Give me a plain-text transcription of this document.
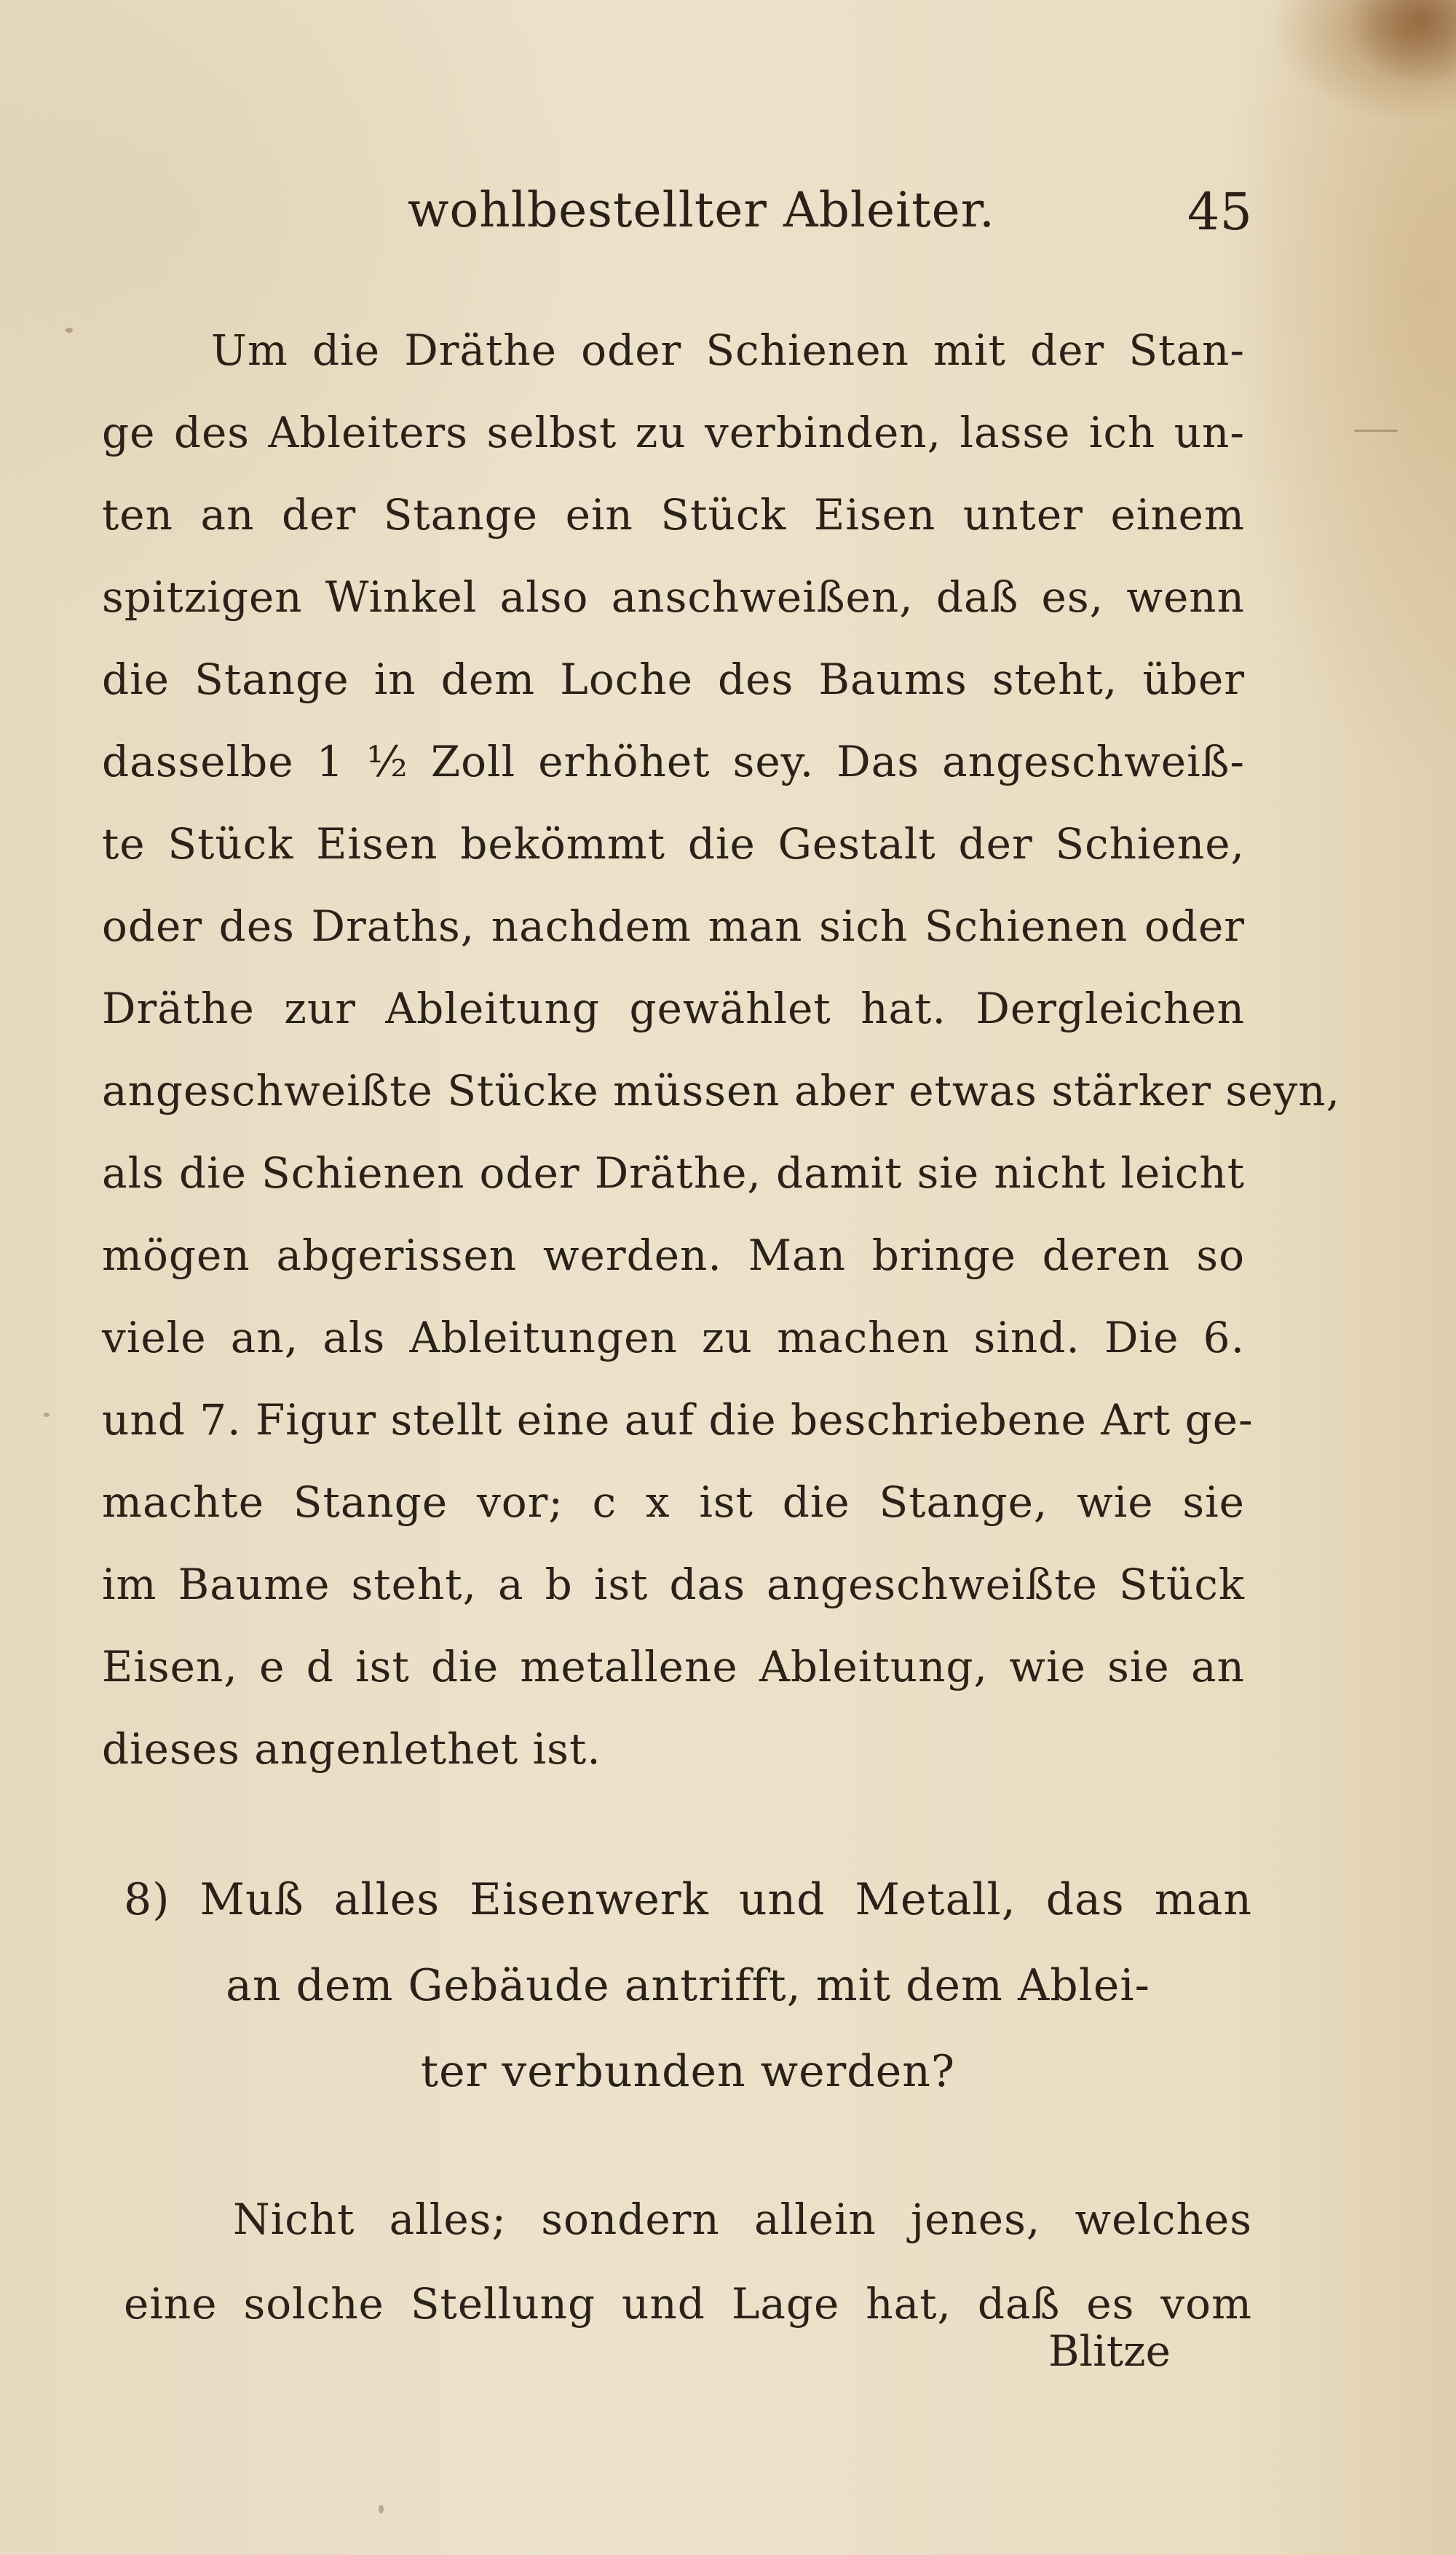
wohlbestellter Ableiter.	45
Um die Dräthe oder Schienen mit der Stan-
ge des Ableiters selbst zu verbinden, lasse ich un-
ten an der Stange ein Stück Eisen unter einem
spitzigen Winkel also anschweißen, daß es, wenn
die Stange in dem Loche des Baums steht, über
dasselbe 1 ½ Zoll erhöhet sey. Das angeschweiß-
te Stück Eisen bekömmt die Gestalt der Schiene,
oder des Draths, nachdem man sich Schienen oder
Dräthe zur Ableitung gewählet hat. Dergleichen
angeschweißte Stücke müssen aber etwas stärker seyn,
als die Schienen oder Dräthe, damit sie nicht leicht
mögen abgerissen werden. Man bringe deren so
viele an, als Ableitungen zu machen sind. Die 6.
und 7. Figur stellt eine auf die beschriebene Art ge-
machte Stange vor; c x ist die Stange, wie sie
im Baume steht, a b ist das angeschweißte Stück
Eisen, e d ist die metallene Ableitung, wie sie an
dieses angenlethet ist.
8) Muß alles Eisenwerk und Metall, das man
an dem Gebäude antrifft, mit dem Ablei-
ter verbunden werden?
Nicht alles; sondern allein jenes, welches
eine solche Stellung und Lage hat, daß es vom
Blitze
